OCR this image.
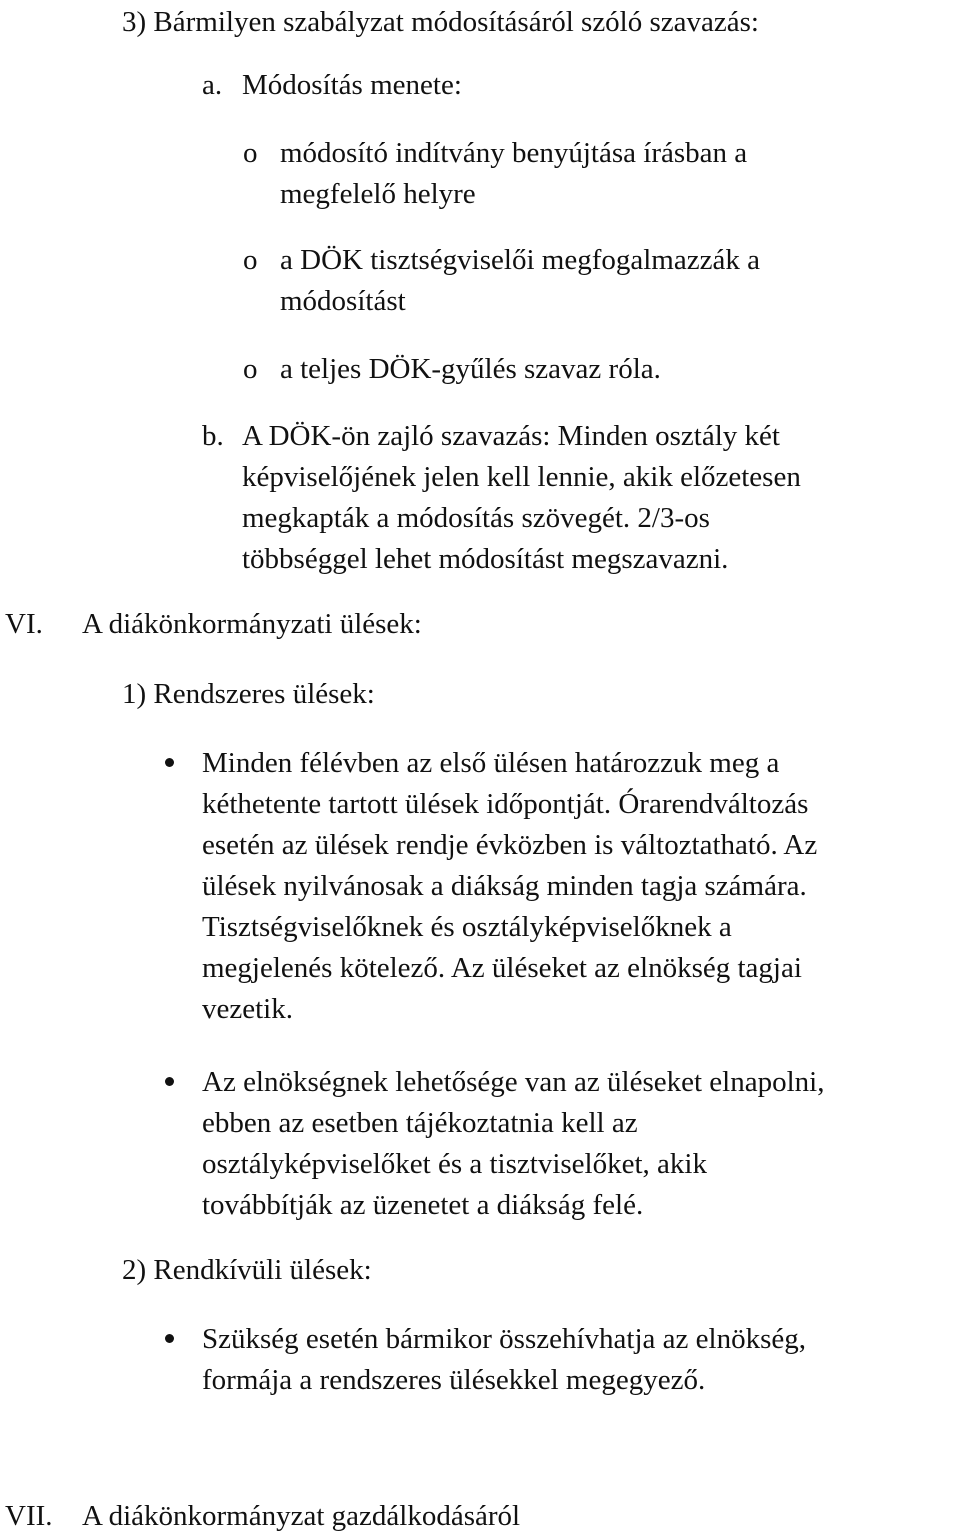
3) Bármilyen szabályzat módosításáról szóló szavazás:
a. Módosítás menete:
o módosító indítvány benyújtása írásban a
megfelelő helyre
o a DÖK tisztségviselői megfogalmazzák a
módosítást
o a teljes DÖK-gyűlés szavaz róla.
b. A DÖK-ön zajló szavazás: Minden osztály két
képviselőjének jelen kell lennie, akik előzetesen
megkapták a módosítás szövegét. 2/3-os
többséggel lehet módosítást megszavazni.
VI. A diákönkormányzati ülések:
1) Rendszeres ülések:
Minden félévben az első ülésen határozzuk meg a
kéthetente tartott ülések időpontját. Órarendváltozás
esetén az ülések rendje évközben is változtatható. Az
ülések nyilvánosak a diákság minden tagja számára.
Tisztségviselőknek és osztályképviselőknek a
megjelenés kötelező. Az üléseket az elnökség tagjai
vezetik.
Az elnökségnek lehetősége van az üléseket elnapolni,
ebben az esetben tájékoztatnia kell az
osztályképviselőket és a tisztviselőket, akik
továbbítják az üzenetet a diákság felé.
2) Rendkívüli ülések:
Szükség esetén bármikor összehívhatja az elnökség,
formája a rendszeres ülésekkel megegyező.
VII. A diákönkormányzat gazdálkodásáról
